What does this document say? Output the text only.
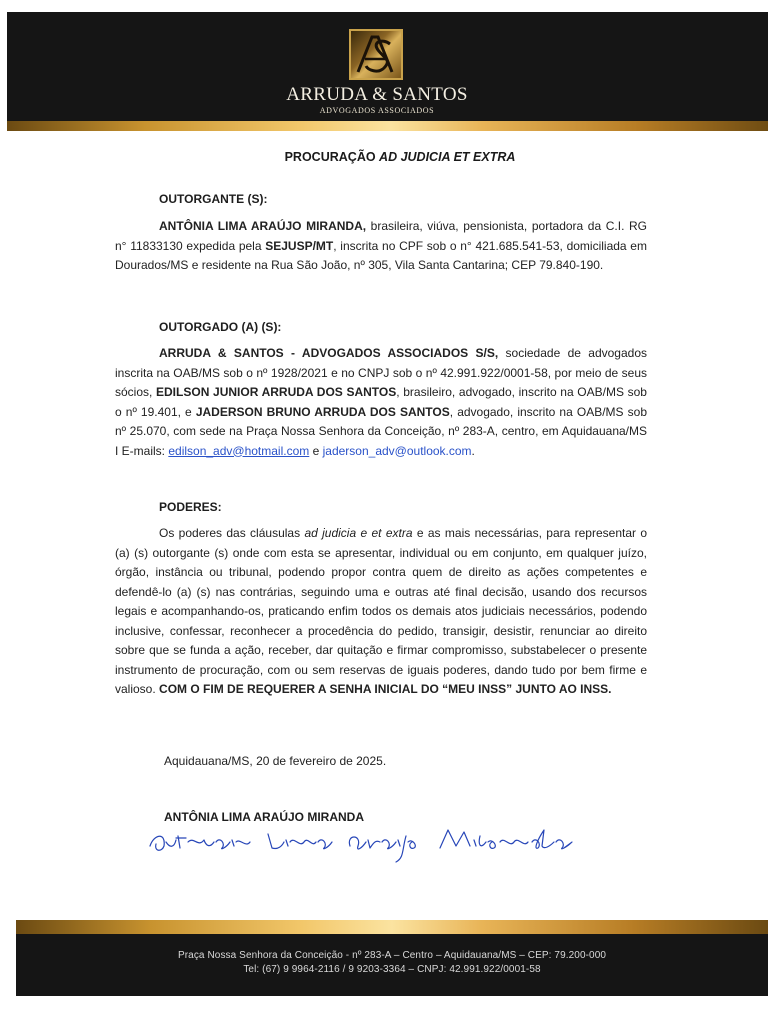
ARRUDA & SANTOS
ADVOGADOS ASSOCIADOS
PROCURAÇÃO AD JUDICIA ET EXTRA
OUTORGANTE (S):
ANTÔNIA LIMA ARAÚJO MIRANDA, brasileira, viúva, pensionista, portadora da C.I. RG n° 11833130 expedida pela SEJUSP/MT, inscrita no CPF sob o n° 421.685.541-53, domiciliada em Dourados/MS e residente na Rua São João, nº 305, Vila Santa Cantarina; CEP 79.840-190.
OUTORGADO (A) (S):
ARRUDA & SANTOS - ADVOGADOS ASSOCIADOS S/S, sociedade de advogados inscrita na OAB/MS sob o nº 1928/2021 e no CNPJ sob o nº 42.991.922/0001-58, por meio de seus sócios, EDILSON JUNIOR ARRUDA DOS SANTOS, brasileiro, advogado, inscrito na OAB/MS sob o nº 19.401, e JADERSON BRUNO ARRUDA DOS SANTOS, advogado, inscrito na OAB/MS sob nº 25.070, com sede na Praça Nossa Senhora da Conceição, nº 283-A, centro, em Aquidauana/MS I E-mails: edilson_adv@hotmail.com e jaderson_adv@outlook.com.
PODERES:
Os poderes das cláusulas ad judicia e et extra e as mais necessárias, para representar o (a) (s) outorgante (s) onde com esta se apresentar, individual ou em conjunto, em qualquer juízo, órgão, instância ou tribunal, podendo propor contra quem de direito as ações competentes e defendê-lo (a) (s) nas contrárias, seguindo uma e outras até final decisão, usando dos recursos legais e acompanhando-os, praticando enfim todos os demais atos judiciais necessários, podendo inclusive, confessar, reconhecer a procedência do pedido, transigir, desistir, renunciar ao direito sobre que se funda a ação, receber, dar quitação e firmar compromisso, substabelecer o presente instrumento de procuração, com ou sem reservas de iguais poderes, dando tudo por bem firme e valioso. COM O FIM DE REQUERER A SENHA INICIAL DO “MEU INSS” JUNTO AO INSS.
Aquidauana/MS, 20 de fevereiro de 2025.
ANTÔNIA LIMA ARAÚJO MIRANDA
Praça Nossa Senhora da Conceição - nº 283-A – Centro – Aquidauana/MS – CEP: 79.200-000
Tel: (67) 9 9964-2116 / 9 9203-3364 – CNPJ: 42.991.922/0001-58
